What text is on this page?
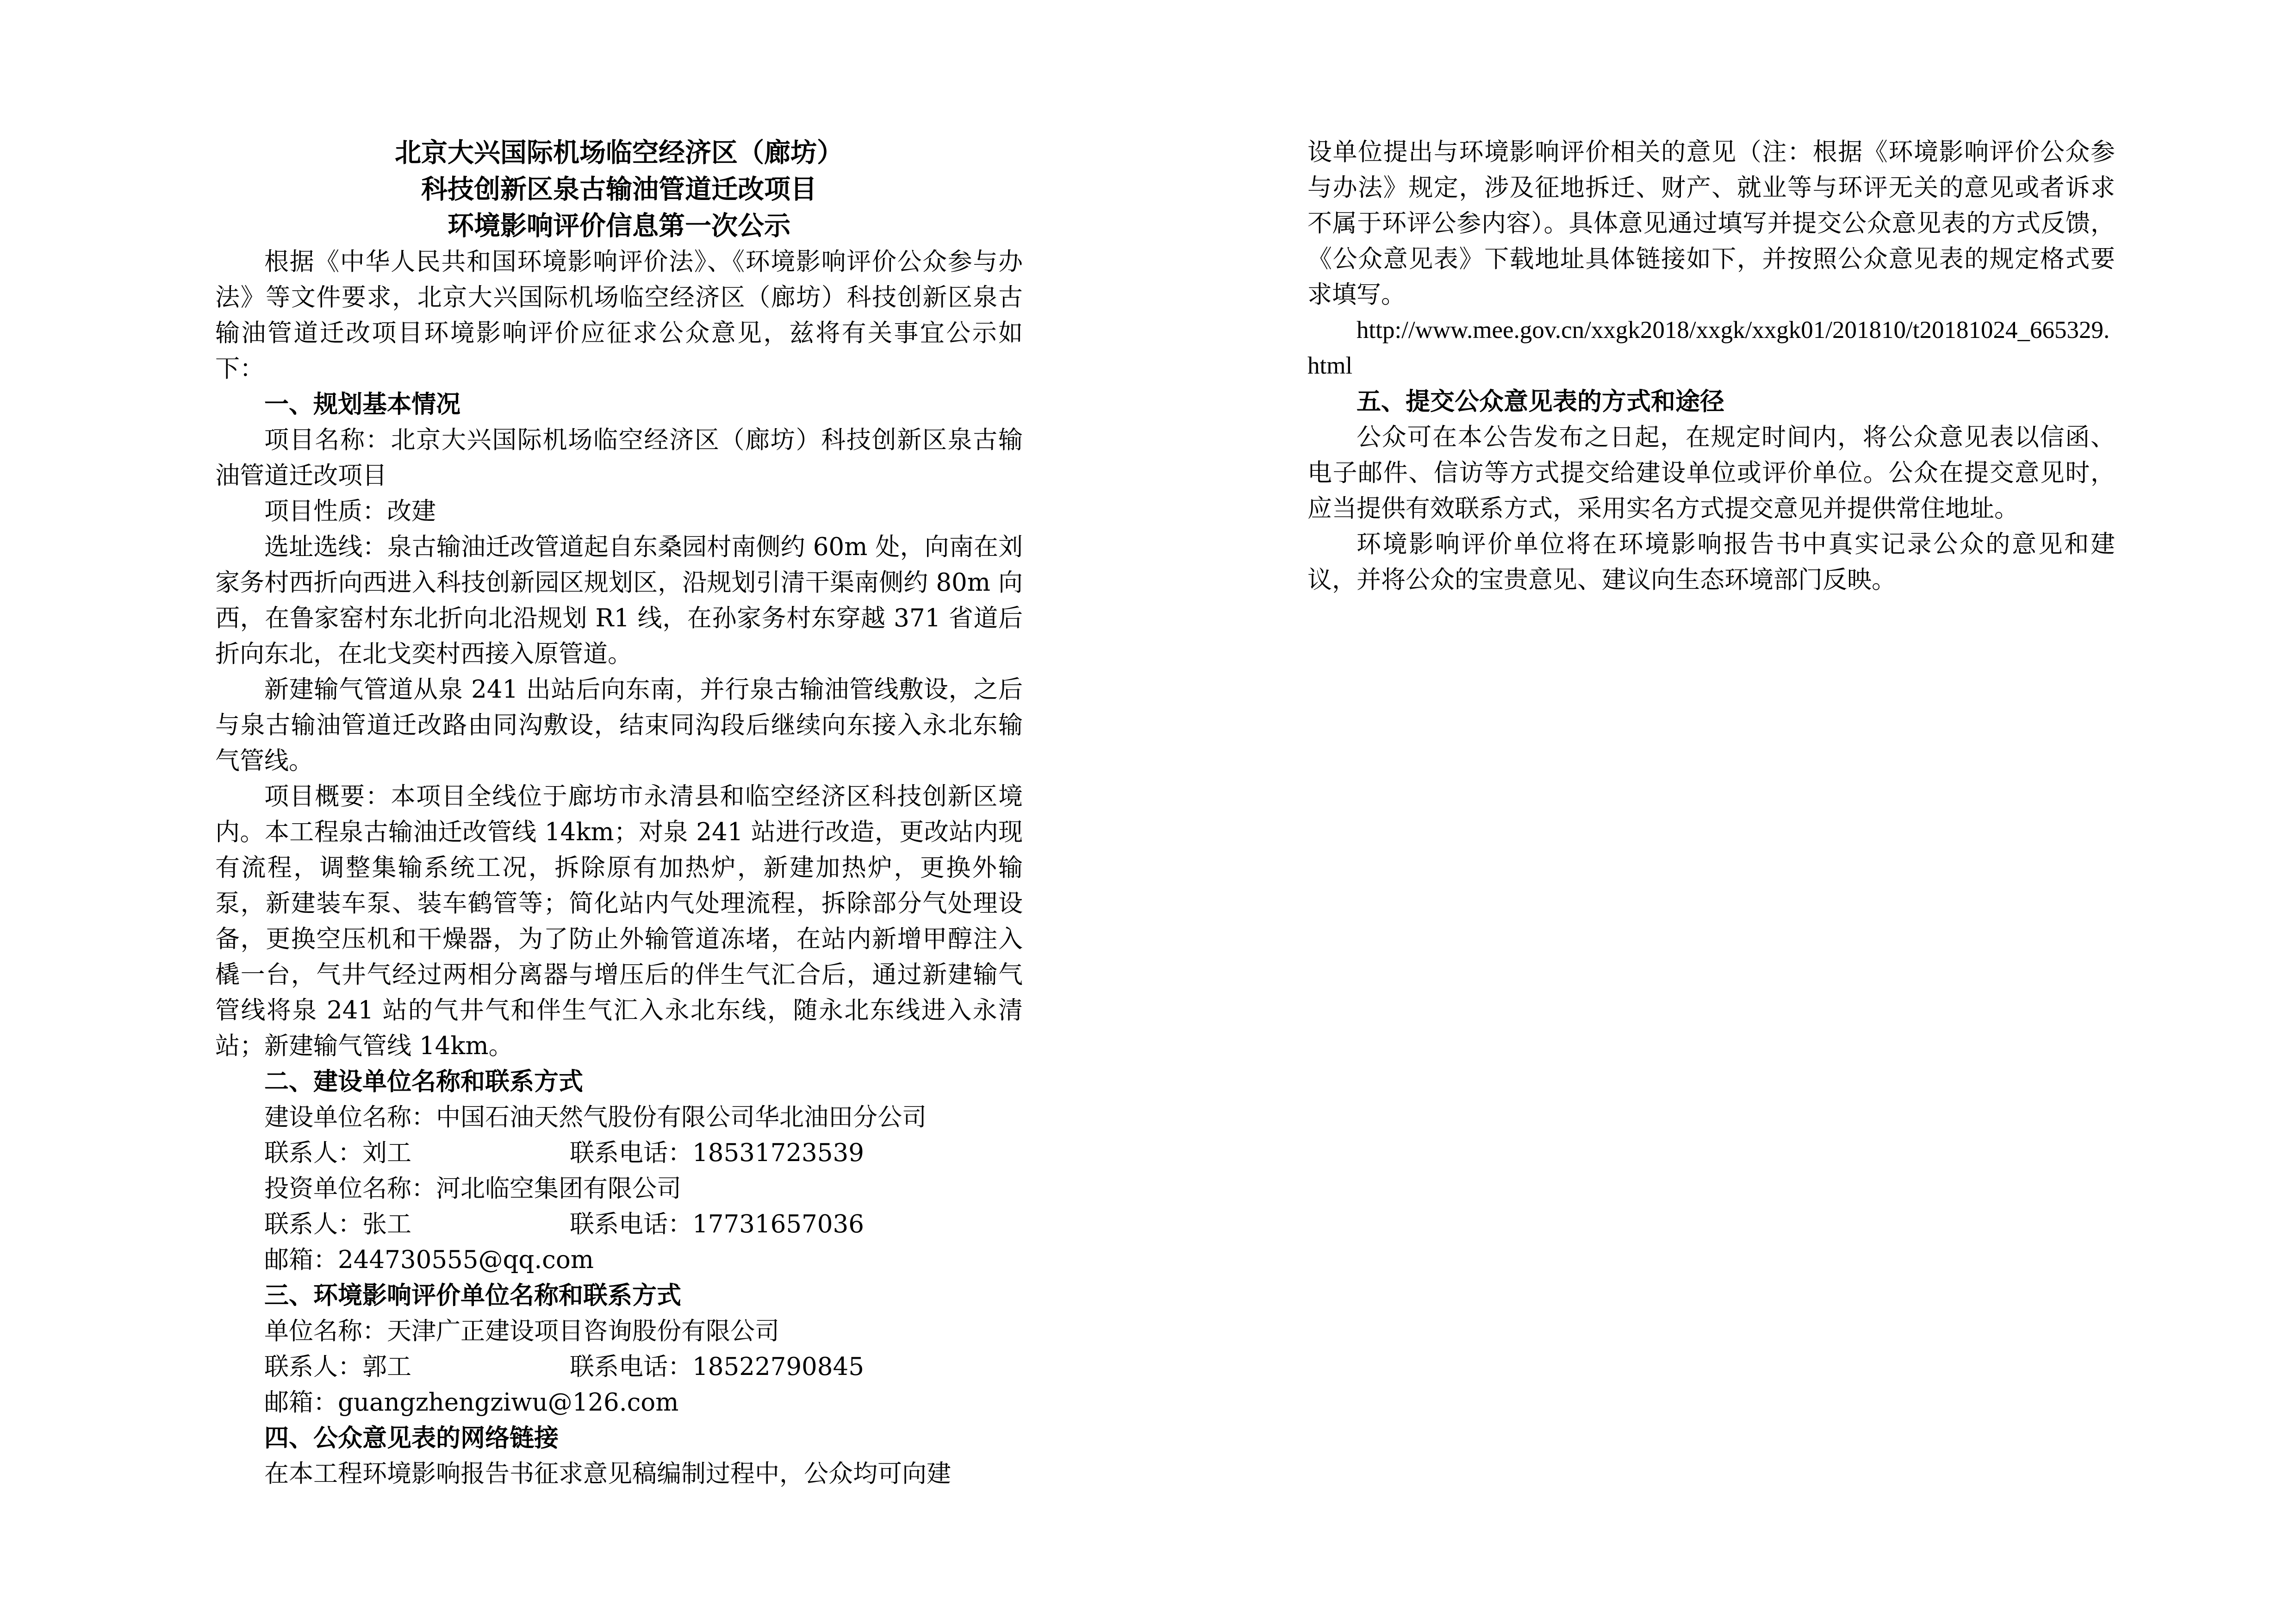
北京大兴国际机场临空经济区（廊坊）

科技创新区泉古输油管道迁改项目

环境影响评价信息第一次公示

根据《中华人民共和国环境影响评价法》、《环境影响评价公众参与办法》等文件要求，北京大兴国际机场临空经济区（廊坊）科技创新区泉古输油管道迁改项目环境影响评价应征求公众意见，兹将有关事宜公示如下：

一、规划基本情况

项目名称：北京大兴国际机场临空经济区（廊坊）科技创新区泉古输油管道迁改项目

项目性质：改建

选址选线：泉古输油迁改管道起自东桑园村南侧约 60m 处，向南在刘家务村西折向西进入科技创新园区规划区，沿规划引清干渠南侧约 80m 向西，在鲁家窑村东北折向北沿规划 R1 线，在孙家务村东穿越 371 省道后折向东北，在北戈奕村西接入原管道。

新建输气管道从泉 241 出站后向东南，并行泉古输油管线敷设，之后与泉古输油管道迁改路由同沟敷设，结束同沟段后继续向东接入永北东输气管线。

项目概要：本项目全线位于廊坊市永清县和临空经济区科技创新区境内。本工程泉古输油迁改管线 14km；对泉 241 站进行改造，更改站内现有流程，调整集输系统工况，拆除原有加热炉，新建加热炉，更换外输泵，新建装车泵、装车鹤管等；简化站内气处理流程，拆除部分气处理设备，更换空压机和干燥器，为了防止外输管道冻堵，在站内新增甲醇注入橇一台，气井气经过两相分离器与增压后的伴生气汇合后，通过新建输气管线将泉 241 站的气井气和伴生气汇入永北东线，随永北东线进入永清站；新建输气管线 14km。

二、建设单位名称和联系方式

建设单位名称：中国石油天然气股份有限公司华北油田分公司

联系人：刘工	联系电话：18531723539

投资单位名称：河北临空集团有限公司

联系人：张工	联系电话：17731657036

邮箱：244730555@qq.com

三、环境影响评价单位名称和联系方式

单位名称：天津广正建设项目咨询股份有限公司

联系人：郭工	联系电话：18522790845

邮箱：guangzhengziwu@126.com

四、公众意见表的网络链接

在本工程环境影响报告书征求意见稿编制过程中，公众均可向建

设单位提出与环境影响评价相关的意见（注：根据《环境影响评价公众参与办法》规定，涉及征地拆迁、财产、就业等与环评无关的意见或者诉求不属于环评公参内容）。具体意见通过填写并提交公众意见表的方式反馈，《公众意见表》下载地址具体链接如下，并按照公众意见表的规定格式要求填写。

http://www.mee.gov.cn/xxgk2018/xxgk/xxgk01/201810/t20181024_665329.html

五、提交公众意见表的方式和途径

公众可在本公告发布之日起，在规定时间内，将公众意见表以信函、电子邮件、信访等方式提交给建设单位或评价单位。公众在提交意见时，应当提供有效联系方式，采用实名方式提交意见并提供常住地址。

环境影响评价单位将在环境影响报告书中真实记录公众的意见和建议，并将公众的宝贵意见、建议向生态环境部门反映。
